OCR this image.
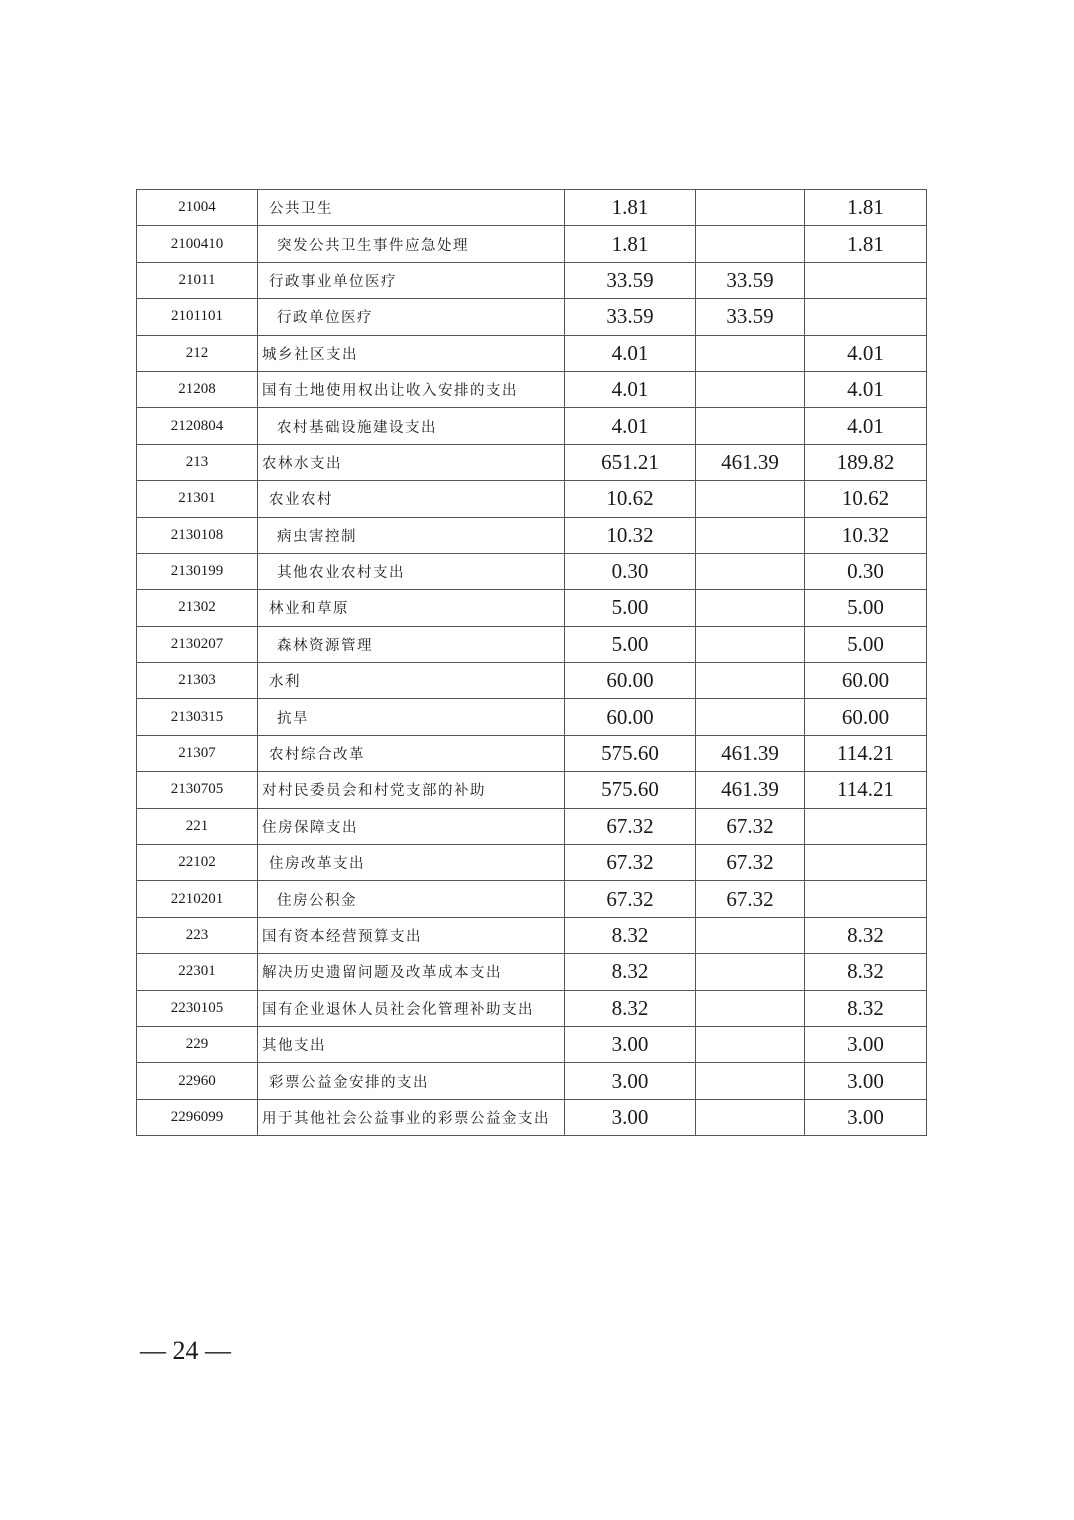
21004	公共卫生	1.81		1.81
2100410	突发公共卫生事件应急处理	1.81		1.81
21011	行政事业单位医疗	33.59	33.59	
2101101	行政单位医疗	33.59	33.59	
212	城乡社区支出	4.01		4.01
21208	国有土地使用权出让收入安排的支出	4.01		4.01
2120804	农村基础设施建设支出	4.01		4.01
213	农林水支出	651.21	461.39	189.82
21301	农业农村	10.62		10.62
2130108	病虫害控制	10.32		10.32
2130199	其他农业农村支出	0.30		0.30
21302	林业和草原	5.00		5.00
2130207	森林资源管理	5.00		5.00
21303	水利	60.00		60.00
2130315	抗旱	60.00		60.00
21307	农村综合改革	575.60	461.39	114.21
2130705	对村民委员会和村党支部的补助	575.60	461.39	114.21
221	住房保障支出	67.32	67.32	
22102	住房改革支出	67.32	67.32	
2210201	住房公积金	67.32	67.32	
223	国有资本经营预算支出	8.32		8.32
22301	解决历史遗留问题及改革成本支出	8.32		8.32
2230105	国有企业退休人员社会化管理补助支出	8.32		8.32
229	其他支出	3.00		3.00
22960	彩票公益金安排的支出	3.00		3.00
2296099	用于其他社会公益事业的彩票公益金支出	3.00		3.00
— 24 —
